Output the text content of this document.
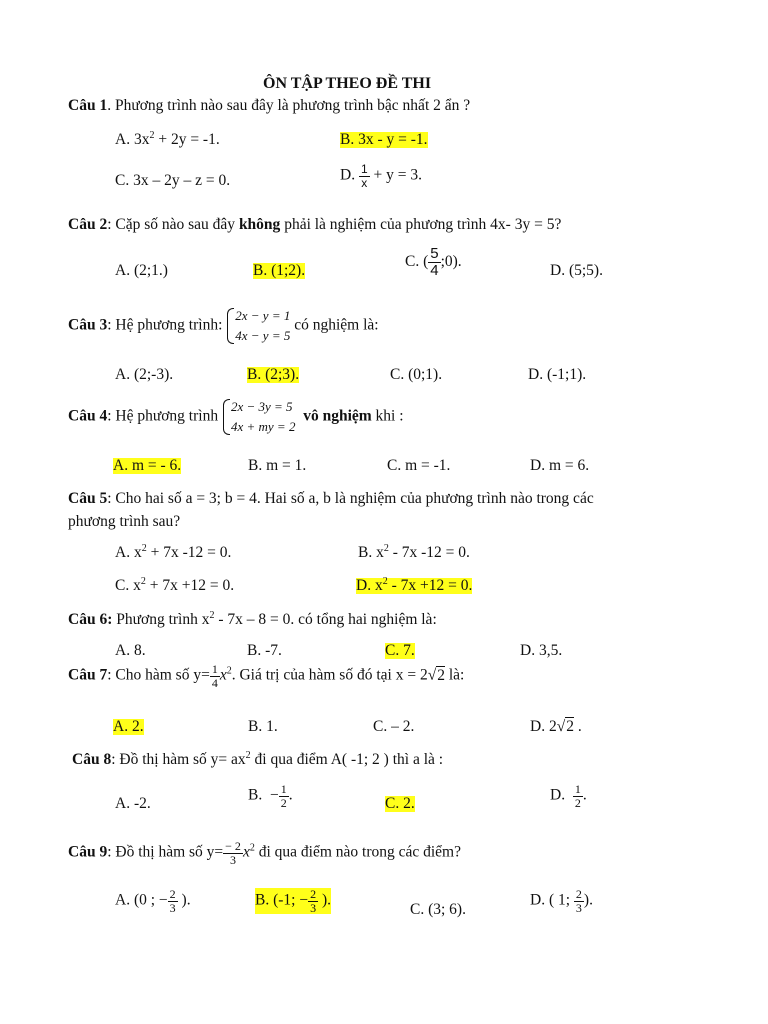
ÔN TẬP THEO ĐỀ THI
Câu 1. Phương trình nào sau đây là phương trình bậc nhất 2 ẩn ?
A. $3x^2 + 2y = -1$.	B. 3x - y = -1.
C. 3x – 2y – z = 0.	D. $\frac{1}{x} + y = 3$.
Câu 2: Cặp số nào sau đây không phải là nghiệm của phương trình 4x- 3y = 5?
A. (2;1.)	B. (1;2).
C. ( $\frac{5}{4}$ ;0).
D. (5;5).
Câu 3: Hệ phương trình:
2x − y = 1
4x − y = 5
có nghiệm là:
A. (2;-3).	B. (2;3).	C. (0;1).	D. (-1;1).
Câu 4: Hệ phương trình
2x − 3y = 5
4x + my = 2
vô nghiệm khi :
A. m = - 6.	B. m = 1.	C. m = -1.	D. m = 6.
Câu 5: Cho hai số a = 3; b = 4. Hai số a, b là nghiệm của phương trình nào trong các
phương trình sau?
A. $x^2 + 7x$ -12 = 0.	B. $x^2 - 7x$ -12 = 0.
C. $x^2 + 7x +12 = 0$.	D. $x^2 - 7x +12 = 0$.
Câu 6: Phương trình $x^2 - 7x - 8 = 0$. có tổng hai nghiệm là:
A. 8.	B. -7.	C. 7.	D. 3,5.
Câu 7: Cho hàm số $y= \frac{1}{4} x^2$. Giá trị của hàm số đó tại x = 2√2 là:
A. 2.	B. 1.	C. – 2.	D. 2√2 .
Câu 8: Đồ thị hàm số $y= ax^2$ đi qua điểm A( -1; 2 ) thì a là :
A. -2.	B. − $\frac{1}{2}$ .	C. 2.	D. $\frac{1}{2}$ .
Câu 9: Đồ thị hàm số $y= \frac{- 2}{3} x^2$ đi qua điểm nào trong các điểm?
A. (0 ; − $\frac{2}{3}$ ).	B. (-1; − $\frac{2}{3}$ ).
C. (3; 6).
D. ( 1; $\frac{2}{3}$ ).
